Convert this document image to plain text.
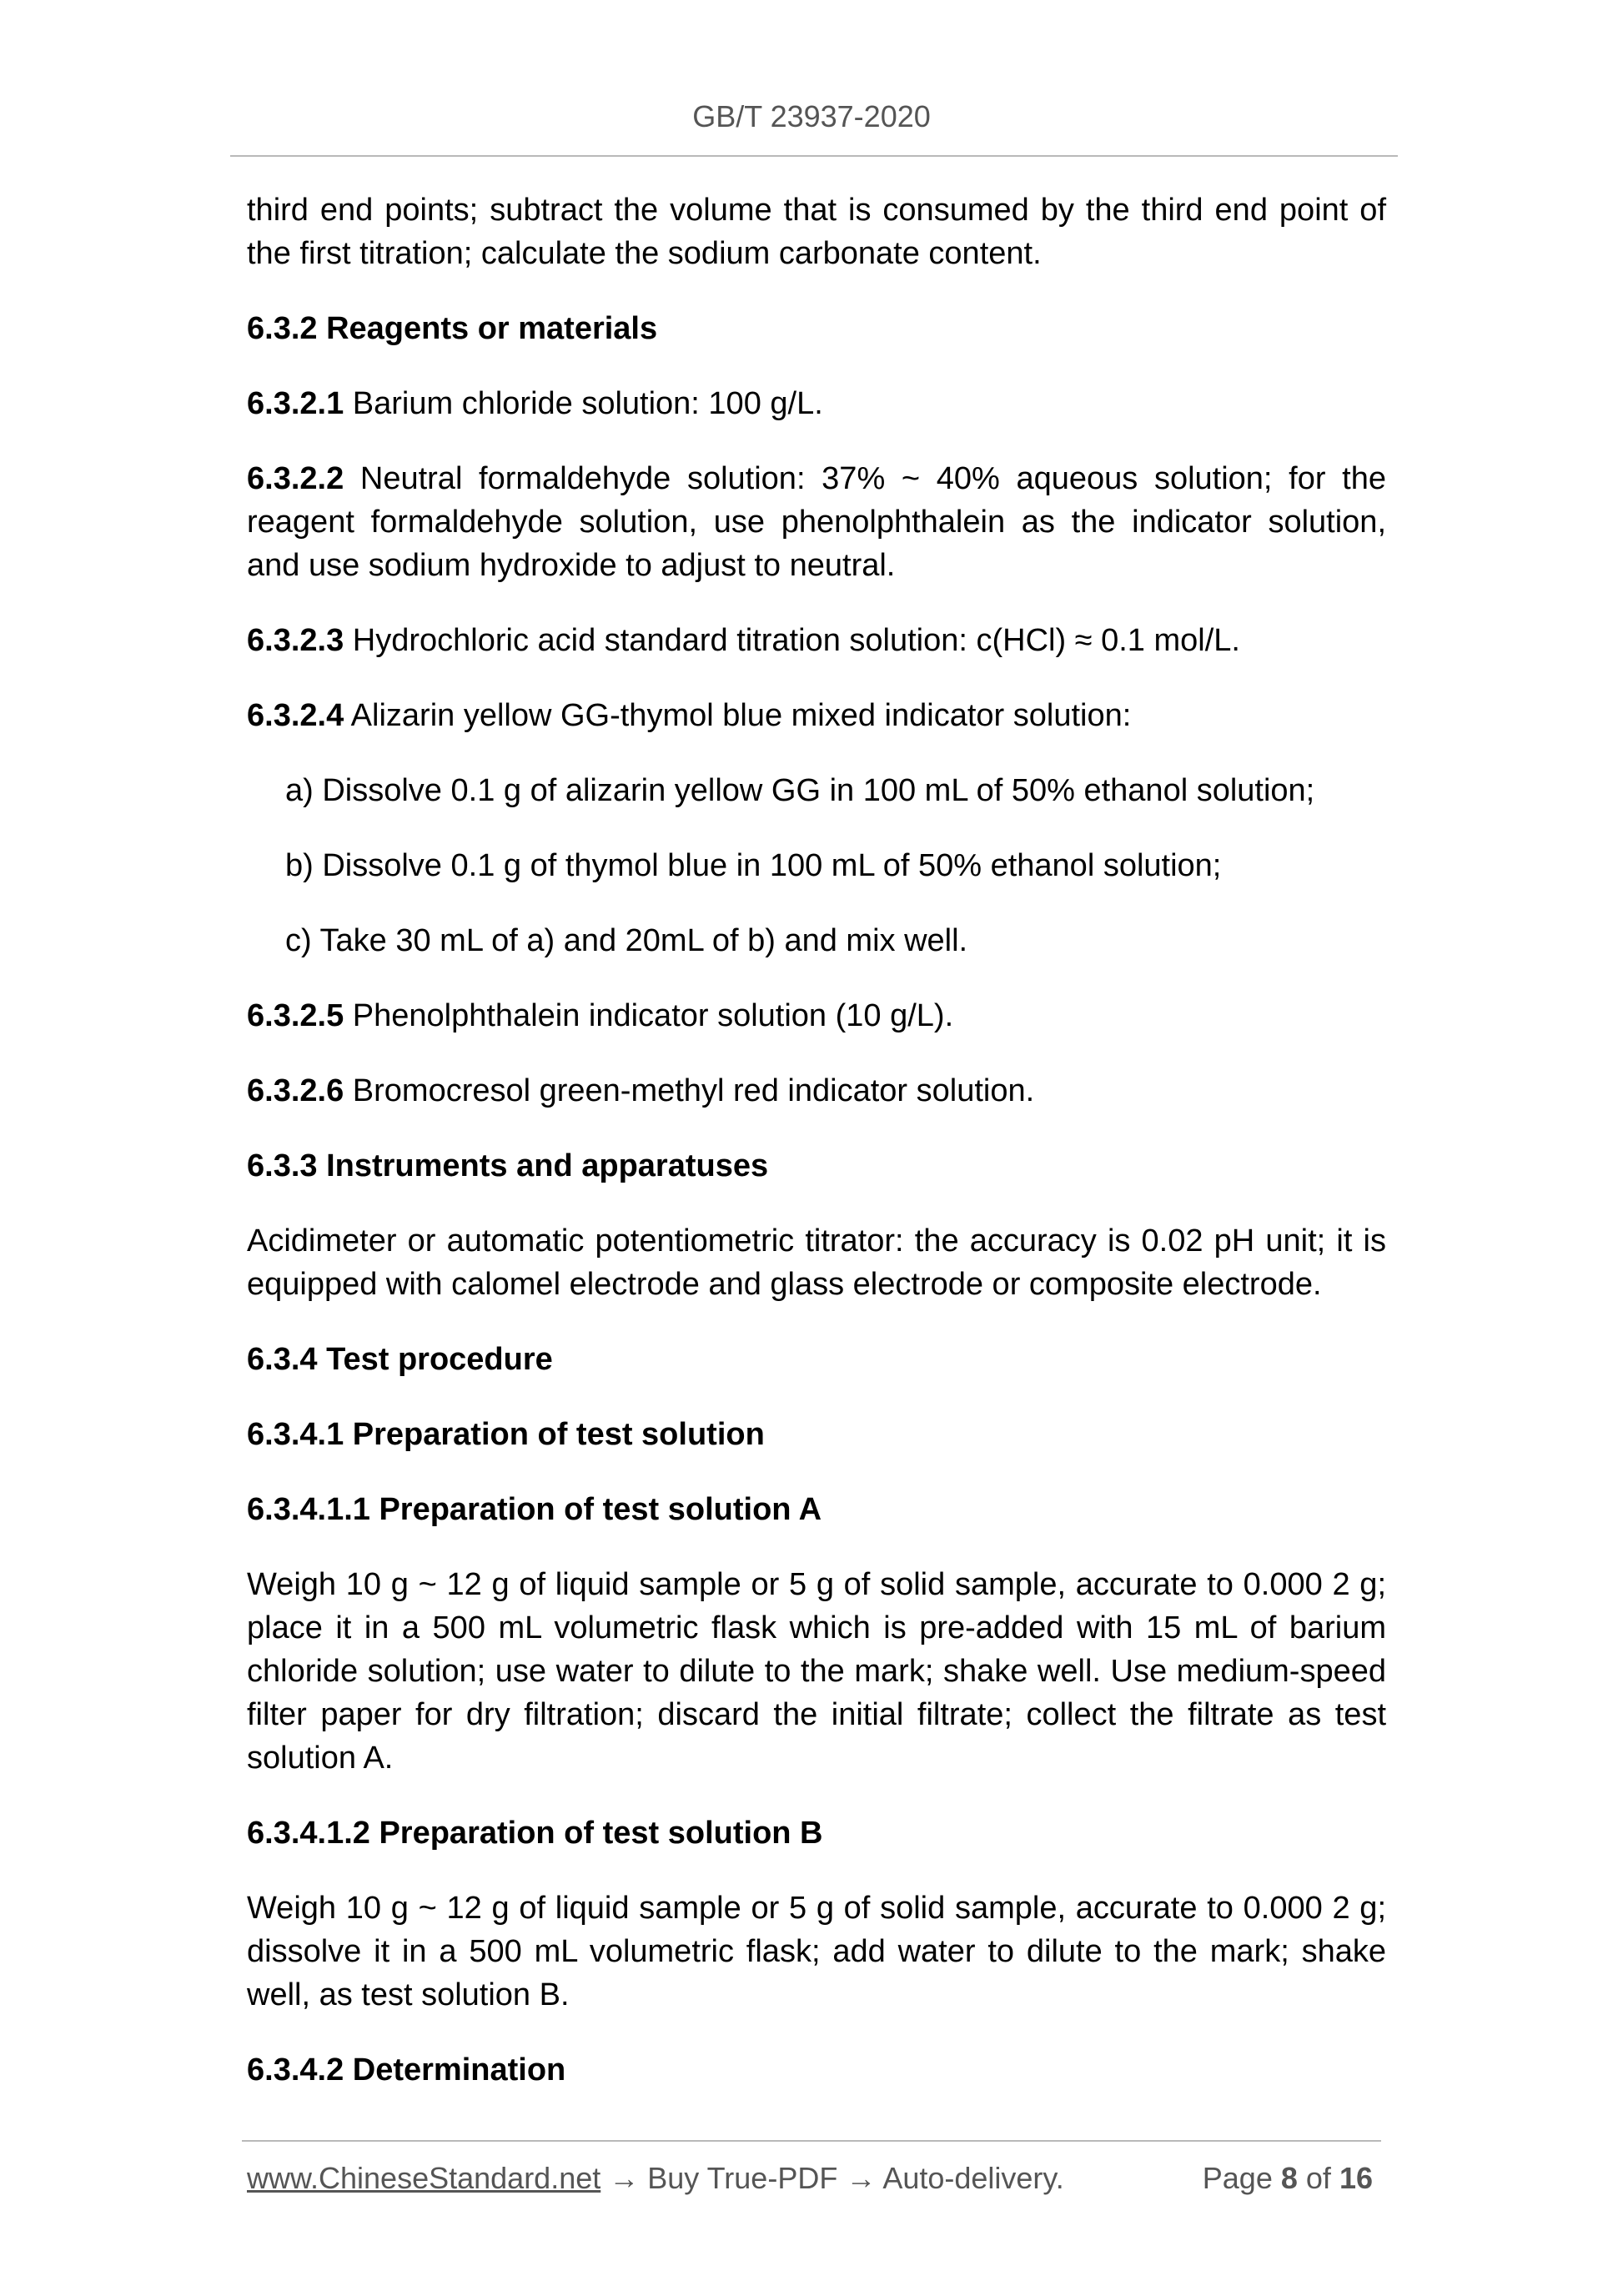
GB/T 23937-2020

third end points; subtract the volume that is consumed by the third end point of the first titration; calculate the sodium carbonate content.

6.3.2 Reagents or materials

6.3.2.1 Barium chloride solution: 100 g/L.

6.3.2.2 Neutral formaldehyde solution: 37% ~ 40% aqueous solution; for the reagent formaldehyde solution, use phenolphthalein as the indicator solution, and use sodium hydroxide to adjust to neutral.

6.3.2.3 Hydrochloric acid standard titration solution: c(HCl) ≈ 0.1 mol/L.

6.3.2.4 Alizarin yellow GG-thymol blue mixed indicator solution:

a) Dissolve 0.1 g of alizarin yellow GG in 100 mL of 50% ethanol solution;

b) Dissolve 0.1 g of thymol blue in 100 mL of 50% ethanol solution;

c) Take 30 mL of a) and 20mL of b) and mix well.

6.3.2.5 Phenolphthalein indicator solution (10 g/L).

6.3.2.6 Bromocresol green-methyl red indicator solution.

6.3.3 Instruments and apparatuses

Acidimeter or automatic potentiometric titrator: the accuracy is 0.02 pH unit; it is equipped with calomel electrode and glass electrode or composite electrode.

6.3.4 Test procedure

6.3.4.1 Preparation of test solution

6.3.4.1.1 Preparation of test solution A

Weigh 10 g ~ 12 g of liquid sample or 5 g of solid sample, accurate to 0.000 2 g; place it in a 500 mL volumetric flask which is pre-added with 15 mL of barium chloride solution; use water to dilute to the mark; shake well. Use medium-speed filter paper for dry filtration; discard the initial filtrate; collect the filtrate as test solution A.

6.3.4.1.2 Preparation of test solution B

Weigh 10 g ~ 12 g of liquid sample or 5 g of solid sample, accurate to 0.000 2 g; dissolve it in a 500 mL volumetric flask; add water to dilute to the mark; shake well, as test solution B.

6.3.4.2 Determination

www.ChineseStandard.net → Buy True-PDF → Auto-delivery.	Page 8 of 16
